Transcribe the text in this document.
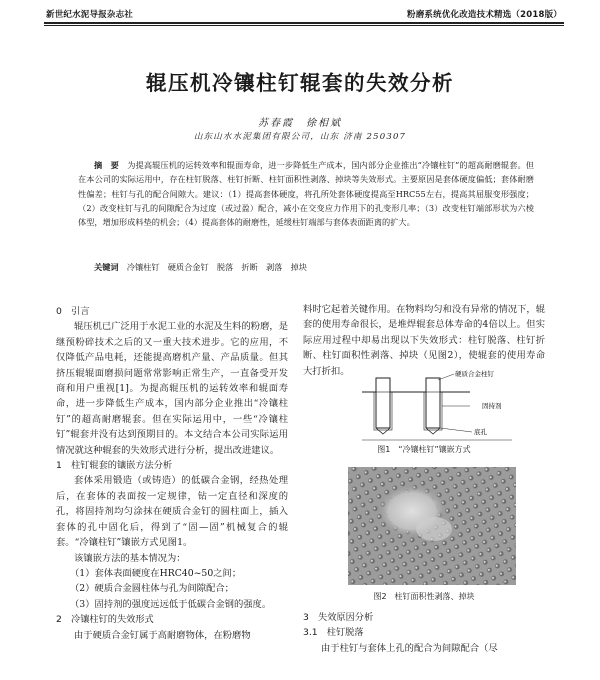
新世纪水泥导报杂志社	粉磨系统优化改造技术精选（2018版）
辊压机冷镶柱钉辊套的失效分析
苏春霞　徐相斌
山东山水水泥集团有限公司，山东 济南 250307
摘　要　 为提高辊压机的运转效率和辊面寿命，进一步降低生产成本，国内部分企业推出“冷镶柱钉”的超高耐磨辊套。但在本公司的实际运用中，存在柱钉脱落、柱钉折断、柱钉面积性剥落、掉块等失效形式。主要原因是套体硬度偏低；套体耐磨性偏差；柱钉与孔的配合间隙大。建议：（1）提高套体硬度，将孔所处套体硬度提高至HRC55左右，提高其屈服变形强度；（2）改变柱钉与孔的间隙配合为过度（或过盈）配合，减小在交变应力作用下的孔变形几率；（3）改变柱钉端部形状为六棱体型，增加形成料垫的机会；（4）提高套体的耐磨性，延缓柱钉端部与套体表面距离的扩大。
关键词　 冷镶柱钉　硬质合金钉　脱落　折断　剥落　掉块

0　引言

辊压机已广泛用于水泥工业的水泥及生料的粉磨，是继预粉碎技术之后的又一重大技术进步。它的应用，不仅降低产品电耗，还能提高磨机产量、产品质量。但其挤压辊辊面磨损问题常常影响正常生产，一直备受开发商和用户重视[1]。为提高辊压机的运转效率和辊面寿命，进一步降低生产成本，国内部分企业推出“冷镶柱钉”的超高耐磨辊套。但在实际运用中，一些“冷镶柱钉”辊套并没有达到预期目的。本文结合本公司实际运用情况就这种辊套的失效形式进行分析，提出改进建议。

1　柱钉辊套的镶嵌方法分析

套体采用锻造（或铸造）的低碳合金钢，经热处理后，在套体的表面按一定规律，钻一定直径和深度的孔，将固持剂均匀涂抹在硬质合金钉的圆柱面上，插入套体的孔中固化后，得到了“固—固”机械复合的辊套。“冷镶柱钉”镶嵌方式见图1。

该镶嵌方法的基本情况为：

（1）套体表面硬度在HRC40~50之间；

（2）硬质合金圆柱体与孔为间隙配合；

（3）固持剂的强度远远低于低碳合金钢的强度。

2　冷镶柱钉的失效形式

由于硬质合金钉属于高耐磨物体，在粉磨物

料时它起着关键作用。在物料均匀和没有异常的情况下，辊套的使用寿命很长，是堆焊辊套总体寿命的4倍以上。但实际应用过程中却易出现以下失效形式：柱钉脱落、柱钉折断、柱钉面积性剥落、掉块（见图2），使辊套的使用寿命大打折扣。	硬质合金柱钉
固持剂
底孔
图1　“冷镶柱钉”镶嵌方式
图2　柱钉面积性剥落、掉块
3　失效原因分析
3.1　柱钉脱落

由于柱钉与套体上孔的配合为间隙配合（尽
